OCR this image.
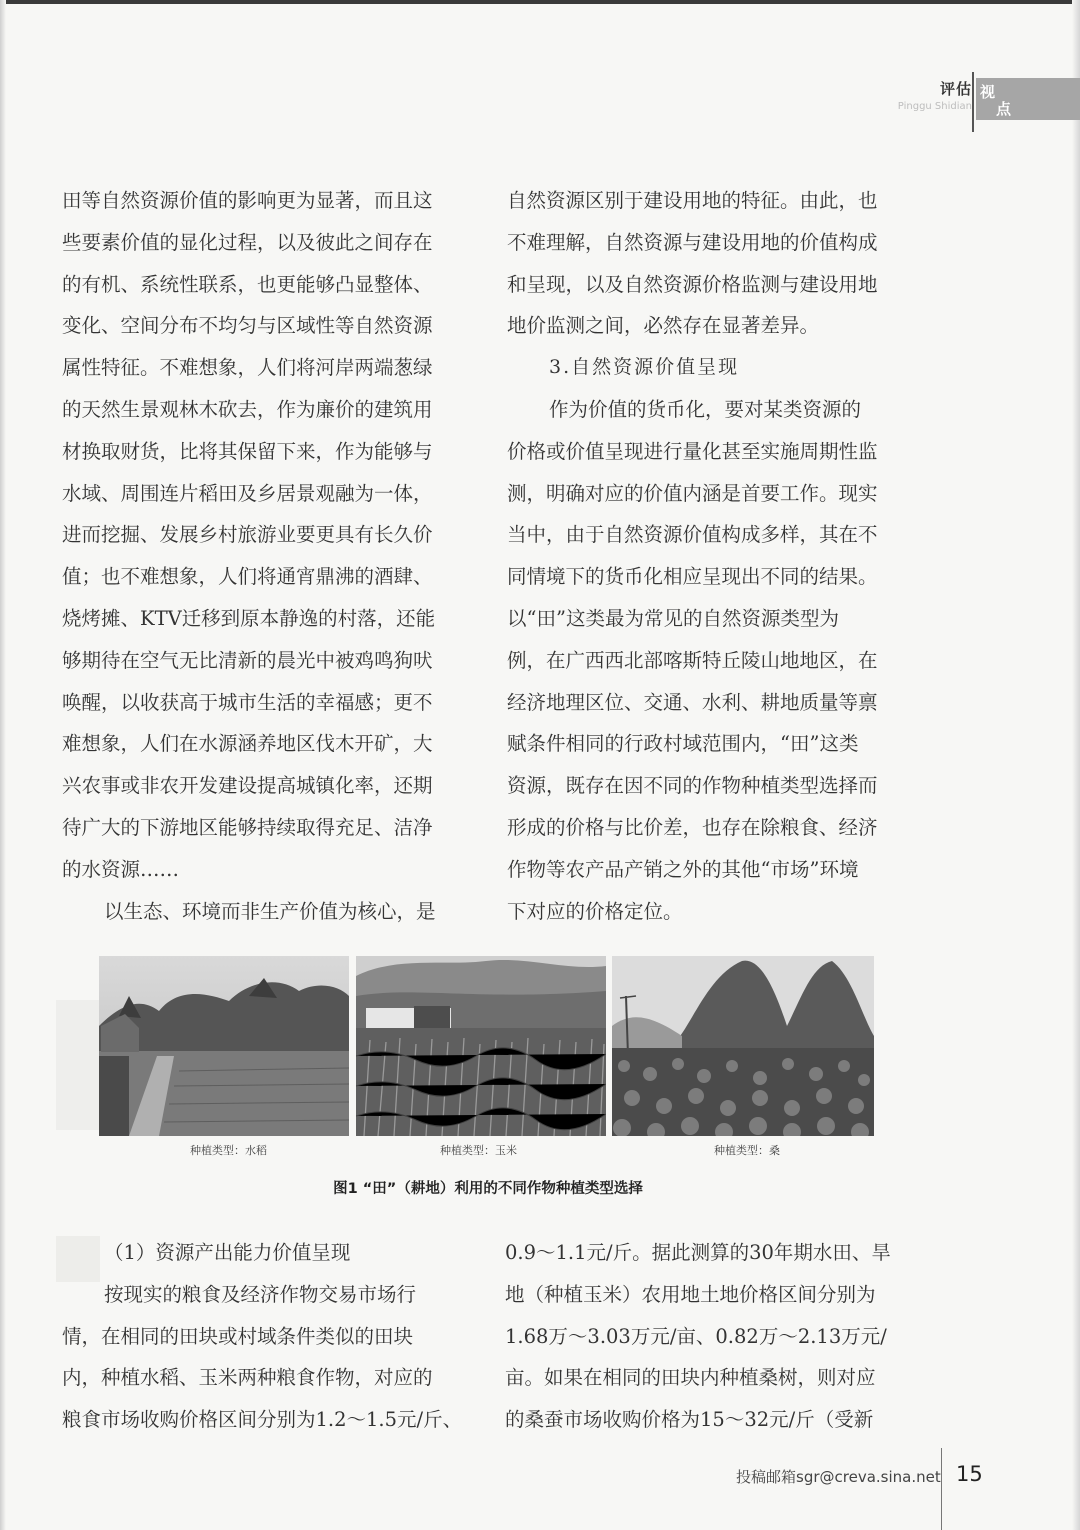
评估
Pinggu Shidian
视
点
田等自然资源价值的影响更为显著，而且这
些要素价值的显化过程，以及彼此之间存在
的有机、系统性联系，也更能够凸显整体、
变化、空间分布不均匀与区域性等自然资源
属性特征。不难想象，人们将河岸两端葱绿
的天然生景观林木砍去，作为廉价的建筑用
材换取财货，比将其保留下来，作为能够与
水域、周围连片稻田及乡居景观融为一体，
进而挖掘、发展乡村旅游业要更具有长久价
值；也不难想象，人们将通宵鼎沸的酒肆、
烧烤摊、KTV迁移到原本静逸的村落，还能
够期待在空气无比清新的晨光中被鸡鸣狗吠
唤醒，以收获高于城市生活的幸福感；更不
难想象，人们在水源涵养地区伐木开矿，大
兴农事或非农开发建设提高城镇化率，还期
待广大的下游地区能够持续取得充足、洁净
的水资源……
以生态、环境而非生产价值为核心，是
自然资源区别于建设用地的特征。由此，也
不难理解，自然资源与建设用地的价值构成
和呈现，以及自然资源价格监测与建设用地
地价监测之间，必然存在显著差异。
3.自然资源价值呈现
作为价值的货币化，要对某类资源的
价格或价值呈现进行量化甚至实施周期性监
测，明确对应的价值内涵是首要工作。现实
当中，由于自然资源价值构成多样，其在不
同情境下的货币化相应呈现出不同的结果。
以“田”这类最为常见的自然资源类型为
例，在广西西北部喀斯特丘陵山地地区，在
经济地理区位、交通、水利、耕地质量等禀
赋条件相同的行政村域范围内，“田”这类
资源，既存在因不同的作物种植类型选择而
形成的价格与比价差，也存在除粮食、经济
作物等农产品产销之外的其他“市场”环境
下对应的价格定位。
种植类型：水稻	种植类型：玉米	种植类型：桑
图1 “田”（耕地）利用的不同作物种植类型选择
（1）资源产出能力价值呈现
按现实的粮食及经济作物交易市场行
情，在相同的田块或村域条件类似的田块
内，种植水稻、玉米两种粮食作物，对应的
粮食市场收购价格区间分别为1.2～1.5元/斤、
0.9～1.1元/斤。据此测算的30年期水田、旱
地（种植玉米）农用地土地价格区间分别为
1.68万～3.03万元/亩、0.82万～2.13万元/
亩。如果在相同的田块内种植桑树，则对应
的桑蚕市场收购价格为15～32元/斤（受新
投稿邮箱sgr@creva.sina.net 15
